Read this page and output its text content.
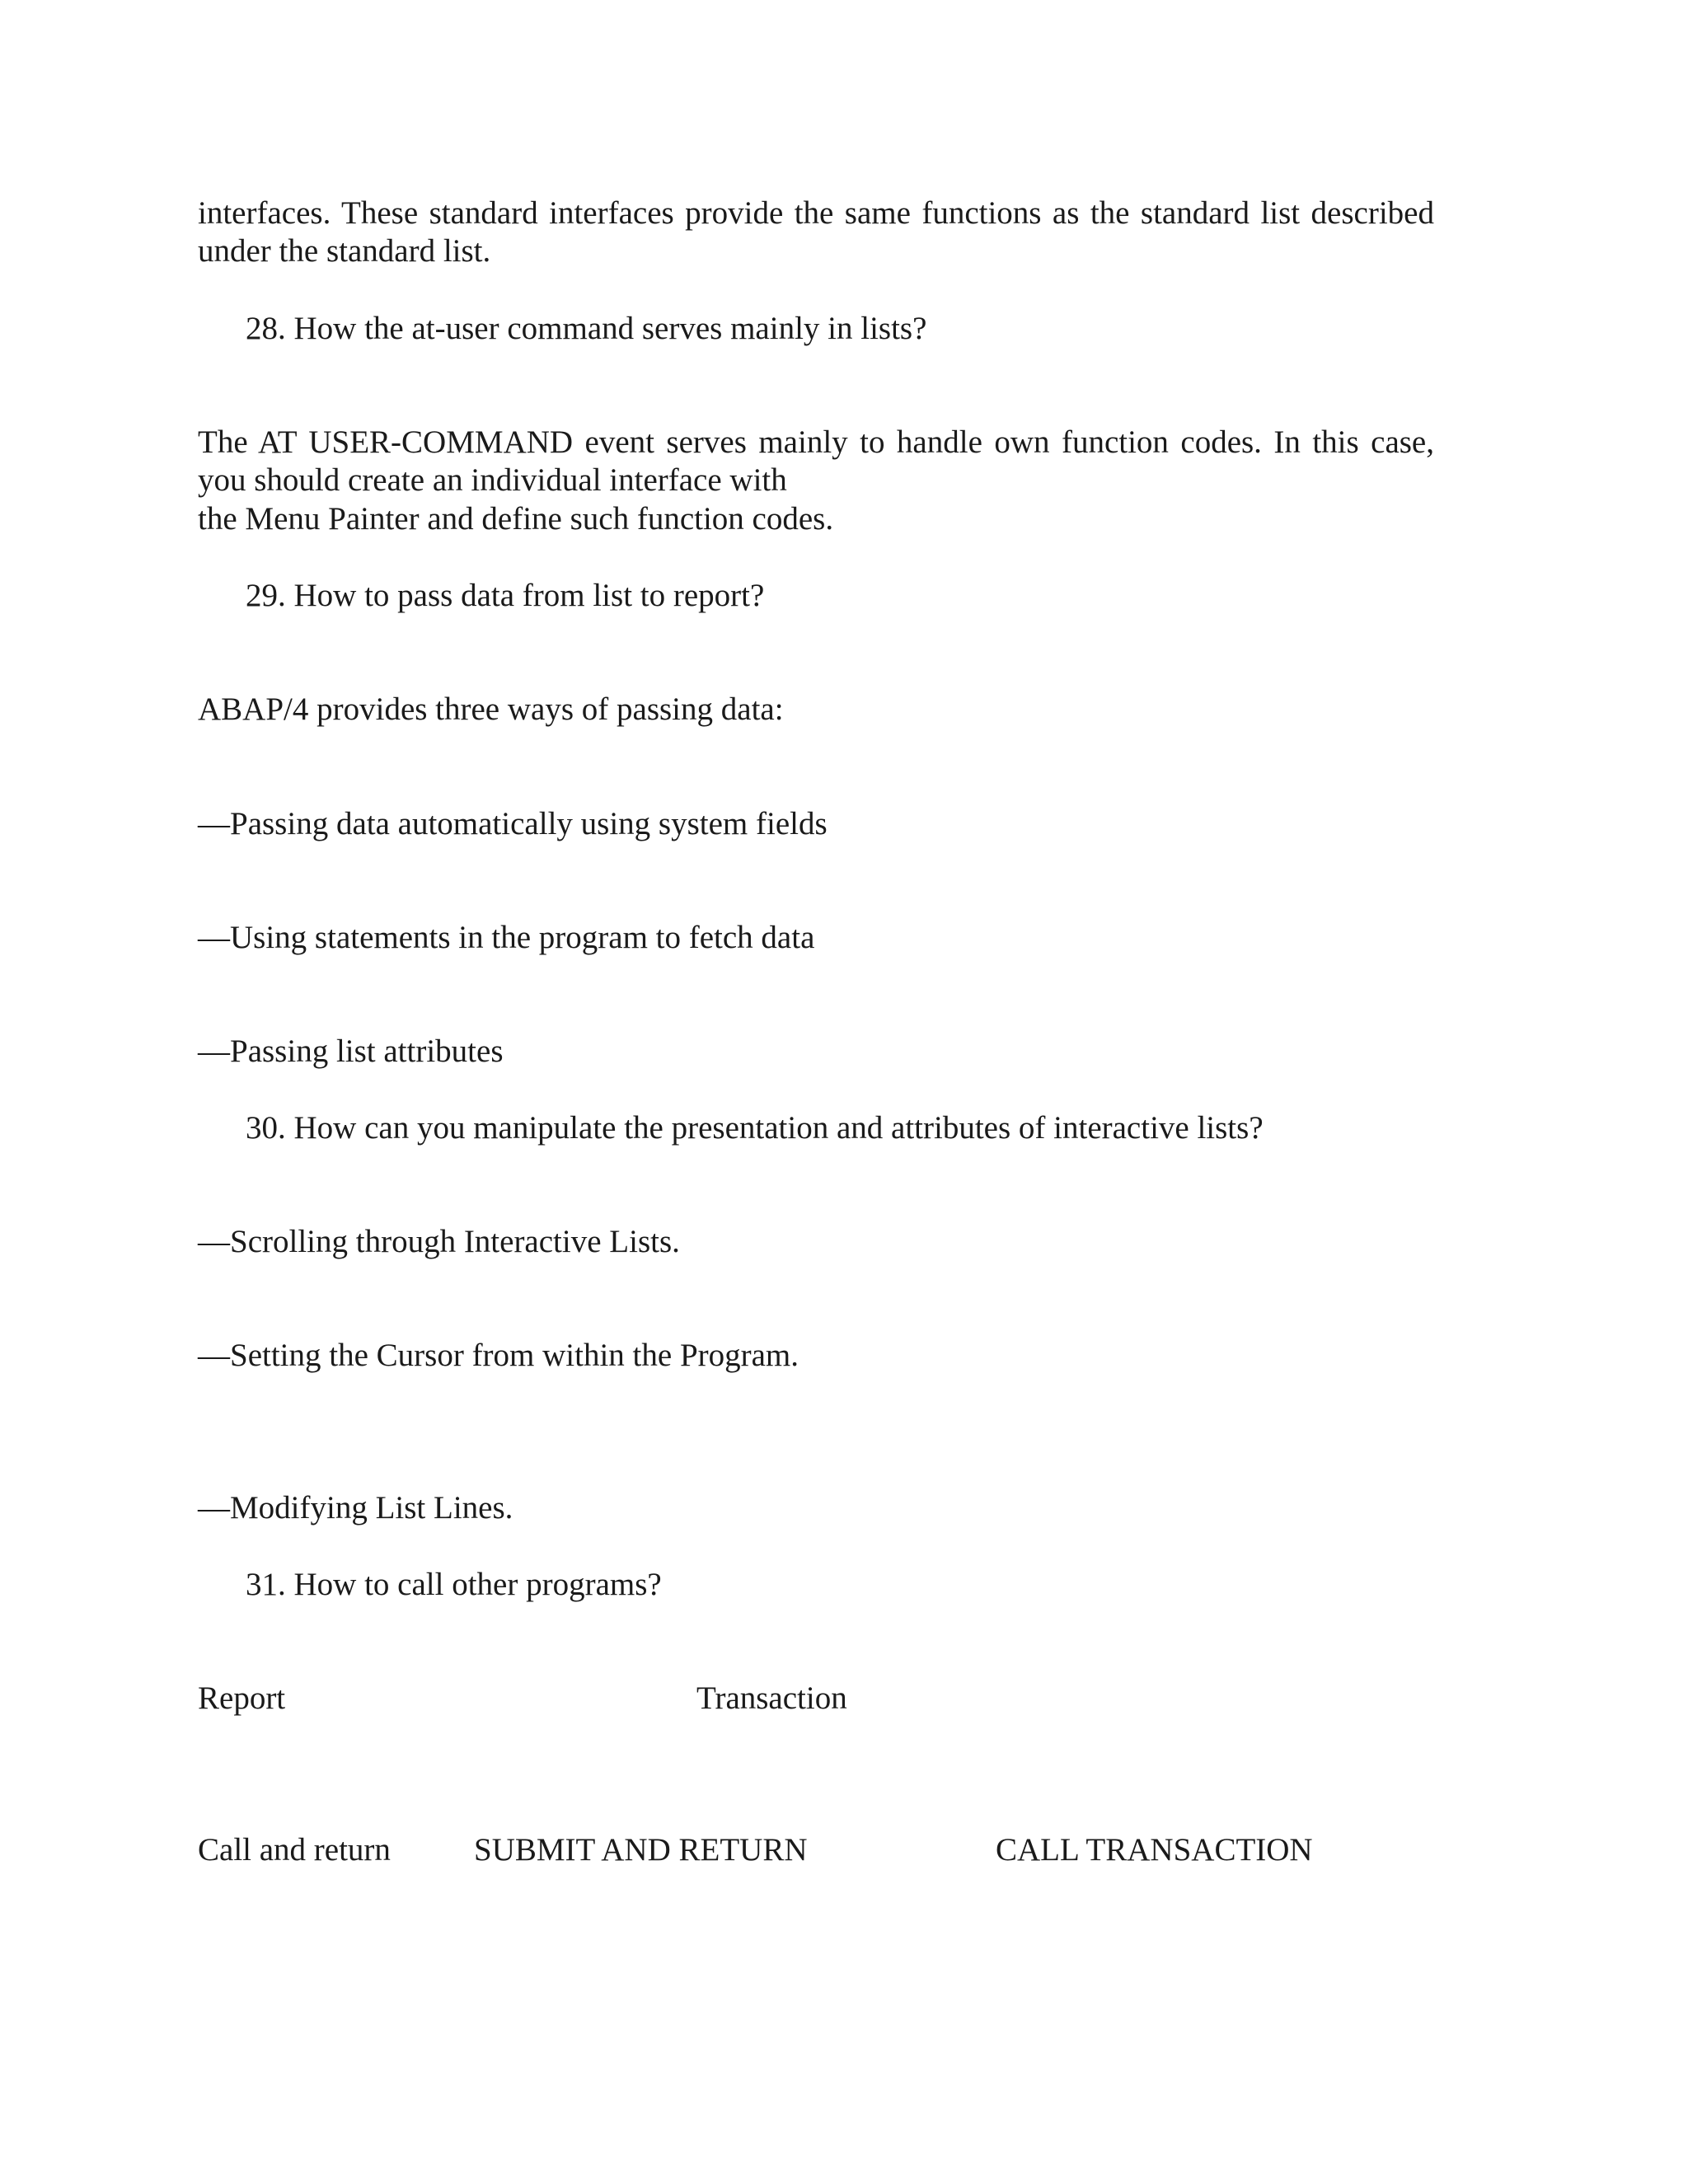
interfaces. These standard interfaces provide the same functions as the standard list described
under the standard list.
28. How the at-user command serves mainly in lists?
The AT USER-COMMAND event serves mainly to handle own function codes. In this case,
you should create an individual interface with
the Menu Painter and define such function codes.
29. How to pass data from list to report?
ABAP/4 provides three ways of passing data:
—Passing data automatically using system fields
—Using statements in the program to fetch data
—Passing list attributes
30. How can you manipulate the presentation and attributes of interactive lists?
—Scrolling through Interactive Lists.
—Setting the Cursor from within the Program.
—Modifying List Lines.
31. How to call other programs?
Report	Transaction
Call and return	SUBMIT AND RETURN	CALL TRANSACTION
